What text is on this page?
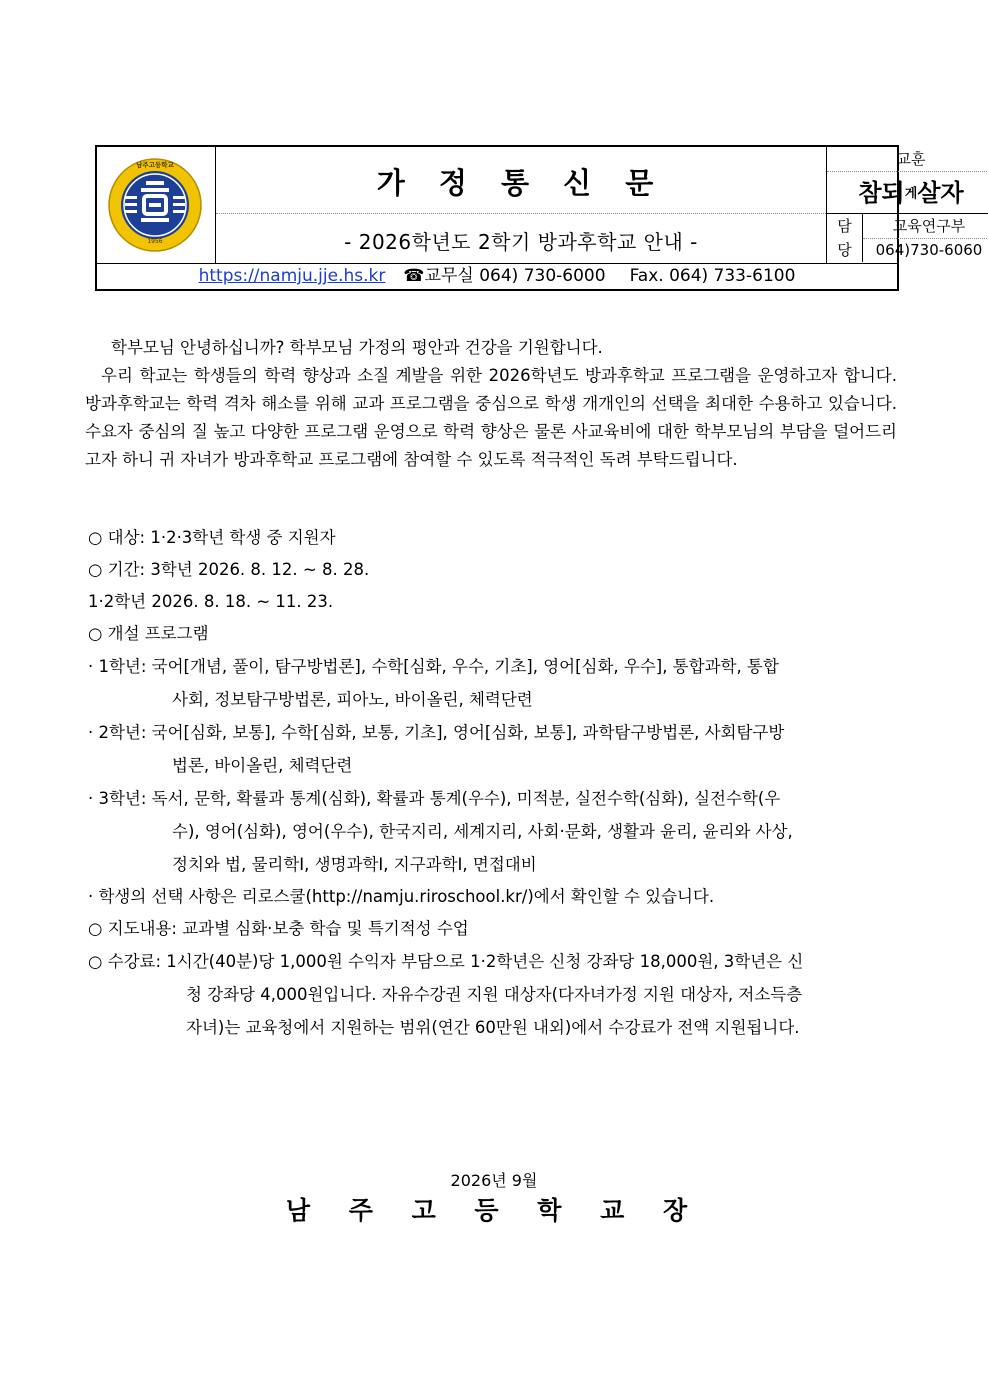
1956
남주고등학교
가 정 통 신 문
- 2026학년도 2학기 방과후학교 안내 -
교훈
참되게살자
담
당
교육연구부
064)730-6060
https://namju.jje.hs.kr ☎교무실 064) 730-6000 Fax. 064) 733-6100
학부모님 안녕하십니까? 학부모님 가정의 평안과 건강을 기원합니다.
우리 학교는 학생들의 학력 향상과 소질 계발을 위한 2026학년도 방과후학교 프로그램을 운영하고자 합니다. 방과후학교는 학력 격차 해소를 위해 교과 프로그램을 중심으로 학생 개개인의 선택을 최대한 수용하고 있습니다. 수요자 중심의 질 높고 다양한 프로그램 운영으로 학력 향상은 물론 사교육비에 대한 학부모님의 부담을 덜어드리고자 하니 귀 자녀가 방과후학교 프로그램에 참여할 수 있도록 적극적인 독려 부탁드립니다.
○ 대상: 1·2·3학년 학생 중 지원자
○ 기간: 3학년 2026. 8. 12. ~ 8. 28.
1·2학년 2026. 8. 18. ~ 11. 23.
○ 개설 프로그램
· 1학년: 국어[개념, 풀이, 탐구방법론], 수학[심화, 우수, 기초], 영어[심화, 우수], 통합과학, 통합
사회, 정보탐구방법론, 피아노, 바이올린, 체력단련
· 2학년: 국어[심화, 보통], 수학[심화, 보통, 기초], 영어[심화, 보통], 과학탐구방법론, 사회탐구방
법론, 바이올린, 체력단련
· 3학년: 독서, 문학, 확률과 통계(심화), 확률과 통계(우수), 미적분, 실전수학(심화), 실전수학(우
수), 영어(심화), 영어(우수), 한국지리, 세계지리, 사회·문화, 생활과 윤리, 윤리와 사상,
정치와 법, 물리학Ⅰ, 생명과학Ⅰ, 지구과학Ⅰ, 면접대비
· 학생의 선택 사항은 리로스쿨(http://namju.riroschool.kr/)에서 확인할 수 있습니다.
○ 지도내용: 교과별 심화·보충 학습 및 특기적성 수업
○ 수강료: 1시간(40분)당 1,000원 수익자 부담으로 1·2학년은 신청 강좌당 18,000원, 3학년은 신
청 강좌당 4,000원입니다. 자유수강권 지원 대상자(다자녀가정 지원 대상자, 저소득층
자녀)는 교육청에서 지원하는 범위(연간 60만원 내외)에서 수강료가 전액 지원됩니다.
2026년 9월
남 주 고 등 학 교 장
